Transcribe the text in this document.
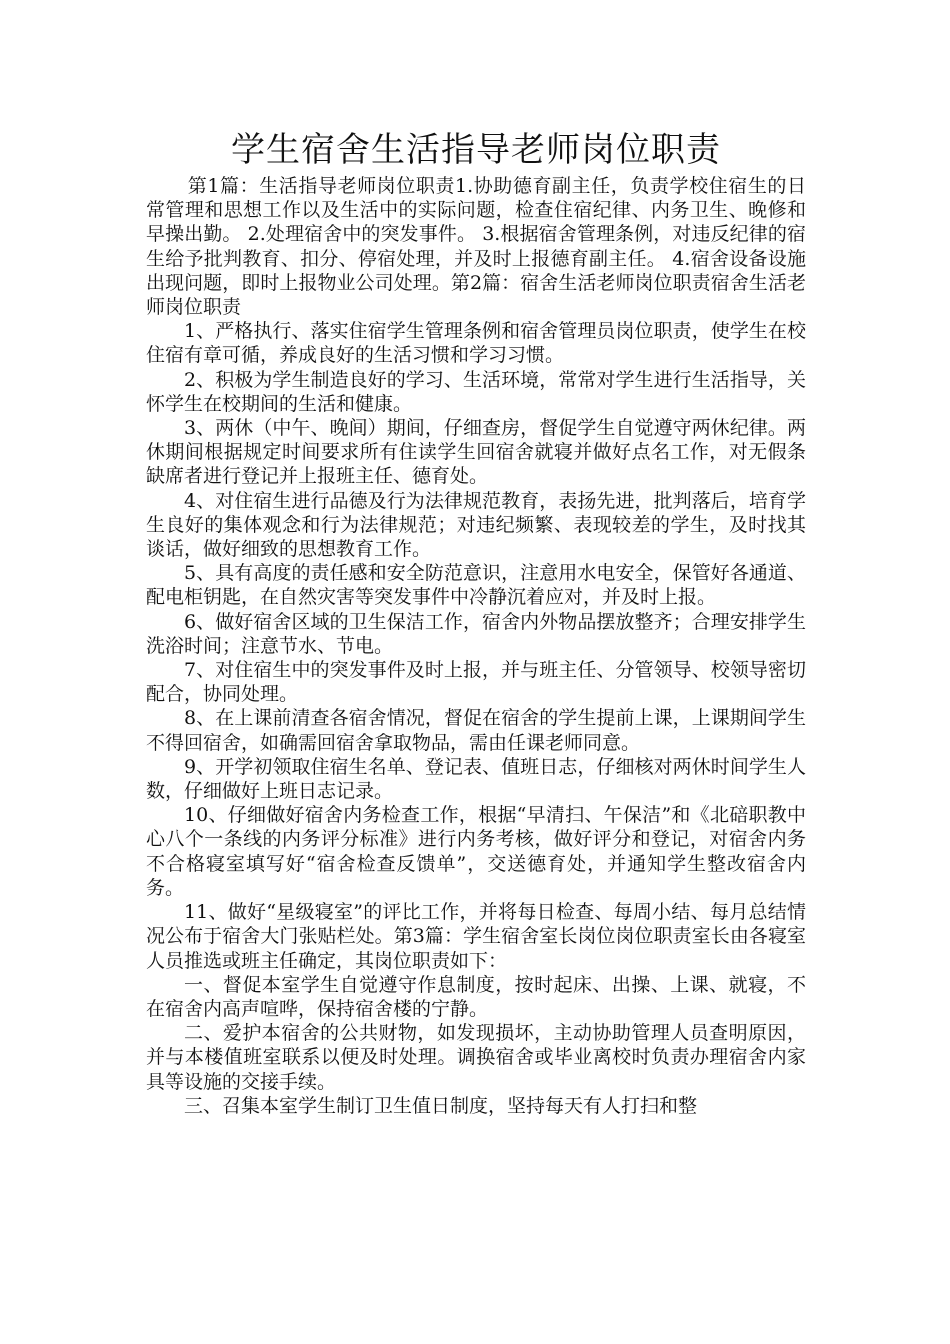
学生宿舍生活指导老师岗位职责

第1篇：生活指导老师岗位职责1.协助德育副主任，负责学校住宿生的日常管理和思想工作以及生活中的实际问题，检查住宿纪律、内务卫生、晚修和早操出勤。 2.处理宿舍中的突发事件。 3.根据宿舍管理条例，对违反纪律的宿生给予批判教育、扣分、停宿处理，并及时上报德育副主任。 4.宿舍设备设施出现问题，即时上报物业公司处理。第2篇：宿舍生活老师岗位职责宿舍生活老师岗位职责

1、严格执行、落实住宿学生管理条例和宿舍管理员岗位职责，使学生在校住宿有章可循，养成良好的生活习惯和学习习惯。

2、积极为学生制造良好的学习、生活环境，常常对学生进行生活指导，关怀学生在校期间的生活和健康。

3、两休（中午、晚间）期间，仔细查房，督促学生自觉遵守两休纪律。两休期间根据规定时间要求所有住读学生回宿舍就寝并做好点名工作，对无假条缺席者进行登记并上报班主任、德育处。

4、对住宿生进行品德及行为法律规范教育，表扬先进，批判落后，培育学生良好的集体观念和行为法律规范；对违纪频繁、表现较差的学生，及时找其谈话，做好细致的思想教育工作。

5、具有高度的责任感和安全防范意识，注意用水电安全，保管好各通道、配电柜钥匙，在自然灾害等突发事件中冷静沉着应对，并及时上报。

6、做好宿舍区域的卫生保洁工作，宿舍内外物品摆放整齐；合理安排学生洗浴时间；注意节水、节电。

7、对住宿生中的突发事件及时上报，并与班主任、分管领导、校领导密切配合，协同处理。

8、在上课前清查各宿舍情况，督促在宿舍的学生提前上课，上课期间学生不得回宿舍，如确需回宿舍拿取物品，需由任课老师同意。

9、开学初领取住宿生名单、登记表、值班日志，仔细核对两休时间学生人数，仔细做好上班日志记录。

10、仔细做好宿舍内务检查工作，根据“早清扫、午保洁”和《北碚职教中心八个一条线的内务评分标准》进行内务考核，做好评分和登记，对宿舍内务不合格寝室填写好“宿舍检查反馈单”，交送德育处，并通知学生整改宿舍内务。

11、做好“星级寝室”的评比工作，并将每日检查、每周小结、每月总结情况公布于宿舍大门张贴栏处。第3篇：学生宿舍室长岗位岗位职责室长由各寝室人员推选或班主任确定，其岗位职责如下：

一、督促本室学生自觉遵守作息制度，按时起床、出操、上课、就寝，不在宿舍内高声喧哗，保持宿舍楼的宁静。

二、爱护本宿舍的公共财物，如发现损坏，主动协助管理人员查明原因，并与本楼值班室联系以便及时处理。调换宿舍或毕业离校时负责办理宿舍内家具等设施的交接手续。

三、召集本室学生制订卫生值日制度，坚持每天有人打扫和整
